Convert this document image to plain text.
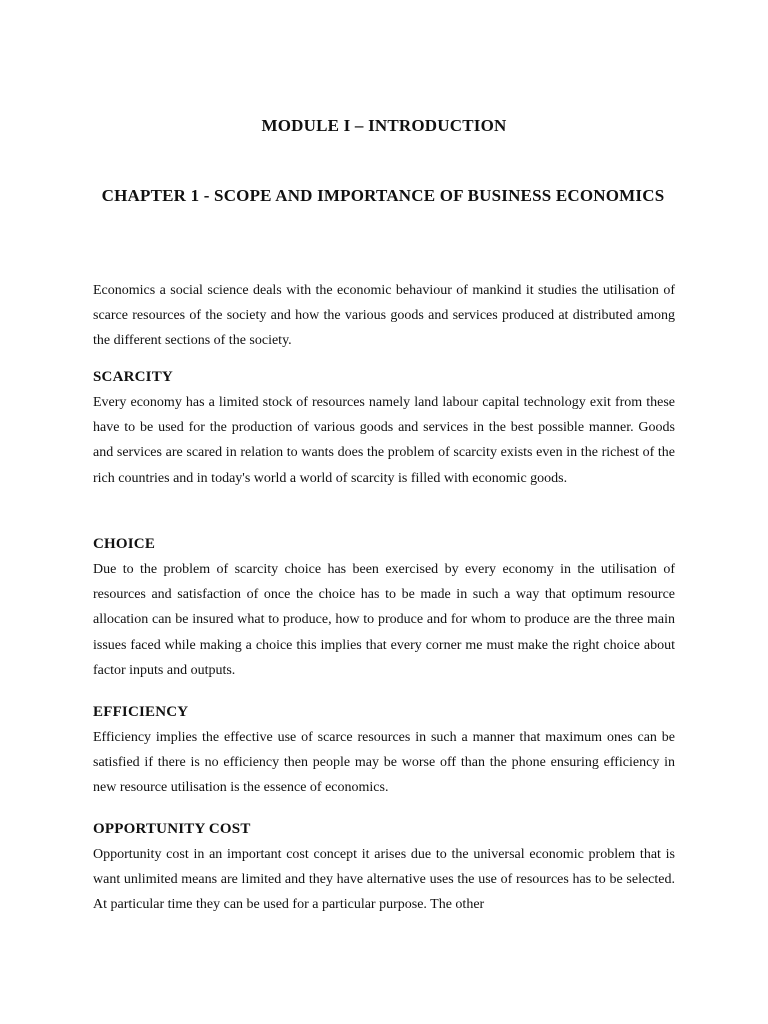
MODULE I – INTRODUCTION
CHAPTER 1 - SCOPE AND IMPORTANCE OF BUSINESS ECONOMICS

Economics a social science deals with the economic behaviour of mankind it studies the utilisation of scarce resources of the society and how the various goods and services produced at distributed among the different sections of the society.

SCARCITY

Every economy has a limited stock of resources namely land labour capital technology exit from these have to be used for the production of various goods and services in the best possible manner. Goods and services are scared in relation to wants does the problem of scarcity exists even in the richest of the rich countries and in today's world a world of scarcity is filled with economic goods.

CHOICE

Due to the problem of scarcity choice has been exercised by every economy in the utilisation of resources and satisfaction of once the choice has to be made in such a way that optimum resource allocation can be insured what to produce, how to produce and for whom to produce are the three main issues faced while making a choice this implies that every corner me must make the right choice about factor inputs and outputs.

EFFICIENCY

Efficiency implies the effective use of scarce resources in such a manner that maximum ones can be satisfied if there is no efficiency then people may be worse off than the phone ensuring efficiency in new resource utilisation is the essence of economics.

OPPORTUNITY COST

Opportunity cost in an important cost concept it arises due to the universal economic problem that is want unlimited means are limited and they have alternative uses the use of resources has to be selected. At particular time they can be used for a particular purpose. The other
